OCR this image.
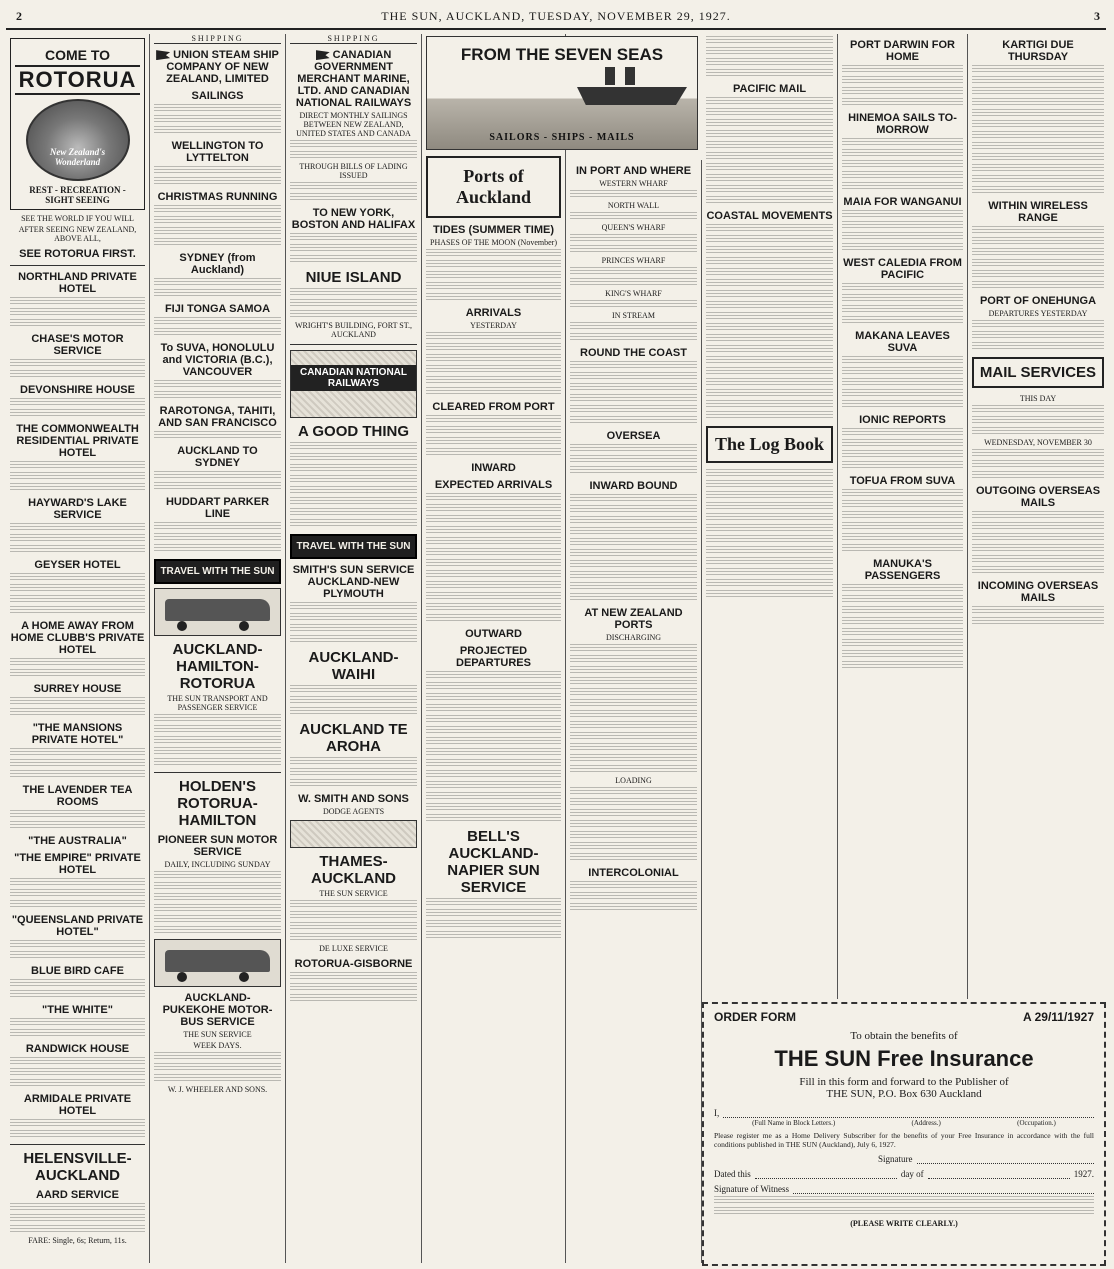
2	THE SUN, AUCKLAND, TUESDAY, NOVEMBER 29, 1927.	3
COME TO
ROTORUA
New Zealand's Wonderland
REST - RECREATION - SIGHT SEEING
SEE THE WORLD IF YOU WILL
AFTER SEEING NEW ZEALAND, ABOVE ALL,
SEE ROTORUA FIRST.
NORTHLAND PRIVATE HOTEL
CHASE'S MOTOR SERVICE
DEVONSHIRE HOUSE
THE COMMONWEALTH RESIDENTIAL PRIVATE HOTEL
HAYWARD'S LAKE SERVICE
GEYSER HOTEL
A HOME AWAY FROM HOME CLUBB'S PRIVATE HOTEL
SURREY HOUSE
"THE MANSIONS PRIVATE HOTEL"
THE LAVENDER TEA ROOMS
"THE AUSTRALIA"
"THE EMPIRE" PRIVATE HOTEL
"QUEENSLAND PRIVATE HOTEL"
BLUE BIRD CAFE
"THE WHITE"
RANDWICK HOUSE
ARMIDALE PRIVATE HOTEL
HELENSVILLE-AUCKLAND
AARD SERVICE
FARE: Single, 6s; Return, 11s.
SHIPPING
UNION STEAM SHIP COMPANY OF NEW ZEALAND, LIMITED
SAILINGS
WELLINGTON TO LYTTELTON
CHRISTMAS RUNNING
SYDNEY (from Auckland)
FIJI TONGA SAMOA
To SUVA, HONOLULU and VICTORIA (B.C.), VANCOUVER
RAROTONGA, TAHITI, AND SAN FRANCISCO
AUCKLAND TO SYDNEY
HUDDART PARKER LINE
TRAVEL WITH THE SUN
AUCKLAND-HAMILTON-ROTORUA
THE SUN TRANSPORT AND PASSENGER SERVICE
HOLDEN'S ROTORUA-HAMILTON
PIONEER SUN MOTOR SERVICE
DAILY, INCLUDING SUNDAY
AUCKLAND-PUKEKOHE MOTOR-BUS SERVICE
THE SUN SERVICE
WEEK DAYS.
W. J. WHEELER AND SONS.
SHIPPING
CANADIAN GOVERNMENT MERCHANT MARINE, LTD. AND CANADIAN NATIONAL RAILWAYS
DIRECT MONTHLY SAILINGS BETWEEN NEW ZEALAND, UNITED STATES AND CANADA
THROUGH BILLS OF LADING ISSUED
TO NEW YORK, BOSTON AND HALIFAX
NIUE ISLAND
WRIGHT'S BUILDING, FORT ST., AUCKLAND
CANADIAN NATIONAL RAILWAYS
A GOOD THING
TRAVEL WITH THE SUN
SMITH'S SUN SERVICE AUCKLAND-NEW PLYMOUTH
AUCKLAND-WAIHI
AUCKLAND TE AROHA
W. SMITH AND SONS
DODGE AGENTS
THAMES-AUCKLAND
THE SUN SERVICE
DE LUXE SERVICE
ROTORUA-GISBORNE
FROM THE SEVEN SEAS
SAILORS - SHIPS - MAILS
Ports of Auckland
TIDES (SUMMER TIME)
PHASES OF THE MOON (November)
ARRIVALS
YESTERDAY
CLEARED FROM PORT
INWARD
EXPECTED ARRIVALS
OUTWARD
PROJECTED DEPARTURES
BELL'S AUCKLAND-NAPIER SUN SERVICE
IN PORT AND WHERE
WESTERN WHARF
NORTH WALL
QUEEN'S WHARF
PRINCES WHARF
KING'S WHARF
IN STREAM
ROUND THE COAST
OVERSEA
INWARD BOUND
AT NEW ZEALAND PORTS
DISCHARGING
LOADING
INTERCOLONIAL
PACIFIC MAIL
COASTAL MOVEMENTS
The Log Book
PORT DARWIN FOR HOME
HINEMOA SAILS TO-MORROW
MAIA FOR WANGANUI
WEST CALEDIA FROM PACIFIC
MAKANA LEAVES SUVA
IONIC REPORTS
TOFUA FROM SUVA
MANUKA'S PASSENGERS
KARTIGI DUE THURSDAY
WITHIN WIRELESS RANGE
PORT OF ONEHUNGA
DEPARTURES YESTERDAY
MAIL SERVICES
THIS DAY
WEDNESDAY, NOVEMBER 30
OUTGOING OVERSEAS MAILS
INCOMING OVERSEAS MAILS
ORDER FORM	A 29/11/1927
To obtain the benefits of
THE SUN Free Insurance
Fill in this form and forward to the Publisher of
THE SUN, P.O. Box 630 Auckland
I,
(Full Name in Block Letters.)	(Address.)	(Occupation.)
Please register me as a Home Delivery Subscriber for the benefits of your Free Insurance in accordance with the full conditions published in THE SUN (Auckland), July 6, 1927.
Signature
Dated this	day of	1927.
Signature of Witness
(PLEASE WRITE CLEARLY.)
